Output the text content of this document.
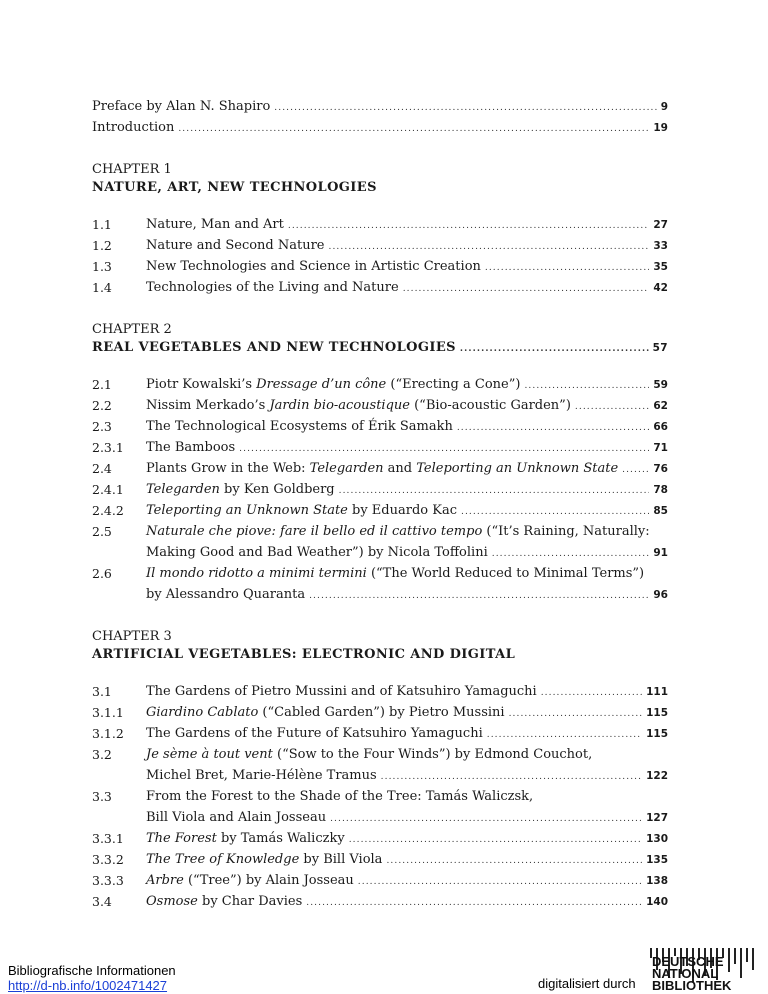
Preface by Alan N. Shapiro .....	9
Introduction .....	19
CHAPTER 1
NATURE, ART, NEW TECHNOLOGIES
1.1	Nature, Man and Art .....	27
1.2	Nature and Second Nature .....	33
1.3	New Technologies and Science in Artistic Creation .....	35
1.4	Technologies of the Living and Nature .....	42
CHAPTER 2
REAL VEGETABLES AND NEW TECHNOLOGIES .....	57
2.1	Piotr Kowalski’s Dressage d’un cône (“Erecting a Cone”) .....	59
2.2	Nissim Merkado’s Jardin bio-acoustique (“Bio-acoustic Garden”) .....	62
2.3	The Technological Ecosystems of Érik Samakh .....	66
2.3.1 The Bamboos .....	71
2.4	Plants Grow in the Web: Telegarden and Teleporting an Unknown State .....	76
2.4.1 Telegarden by Ken Goldberg .....	78
2.4.2 Teleporting an Unknown State by Eduardo Kac .....	85
2.5	Naturale che piove: fare il bello ed il cattivo tempo (“It’s Raining, Naturally:
Making Good and Bad Weather”) by Nicola Toffolini .....	91
2.6	Il mondo ridotto a minimi termini (“The World Reduced to Minimal Terms”)
by Alessandro Quaranta .....	96
CHAPTER 3
ARTIFICIAL VEGETABLES: ELECTRONIC AND DIGITAL
3.1	The Gardens of Pietro Mussini and of Katsuhiro Yamaguchi .....	111
3.1.1 Giardino Cablato (“Cabled Garden”) by Pietro Mussini .....	115
3.1.2 The Gardens of the Future of Katsuhiro Yamaguchi .....	115
3.2	Je sème à tout vent (“Sow to the Four Winds”) by Edmond Couchot,
Michel Bret, Marie-Hélène Tramus .....	122
3.3	From the Forest to the Shade of the Tree: Tamás Waliczsk,
Bill Viola and Alain Josseau .....	127
3.3.1 The Forest by Tamás Waliczky .....	130
3.3.2 The Tree of Knowledge by Bill Viola .....	135
3.3.3 Arbre (“Tree”) by Alain Josseau .....	138
3.4	Osmose by Char Davies .....	140
Bibliografische Informationen
http://d-nb.info/1002471427	digitalisiert durch
DEUTSCHE
NATIONAL
BIBLIOTHEK
